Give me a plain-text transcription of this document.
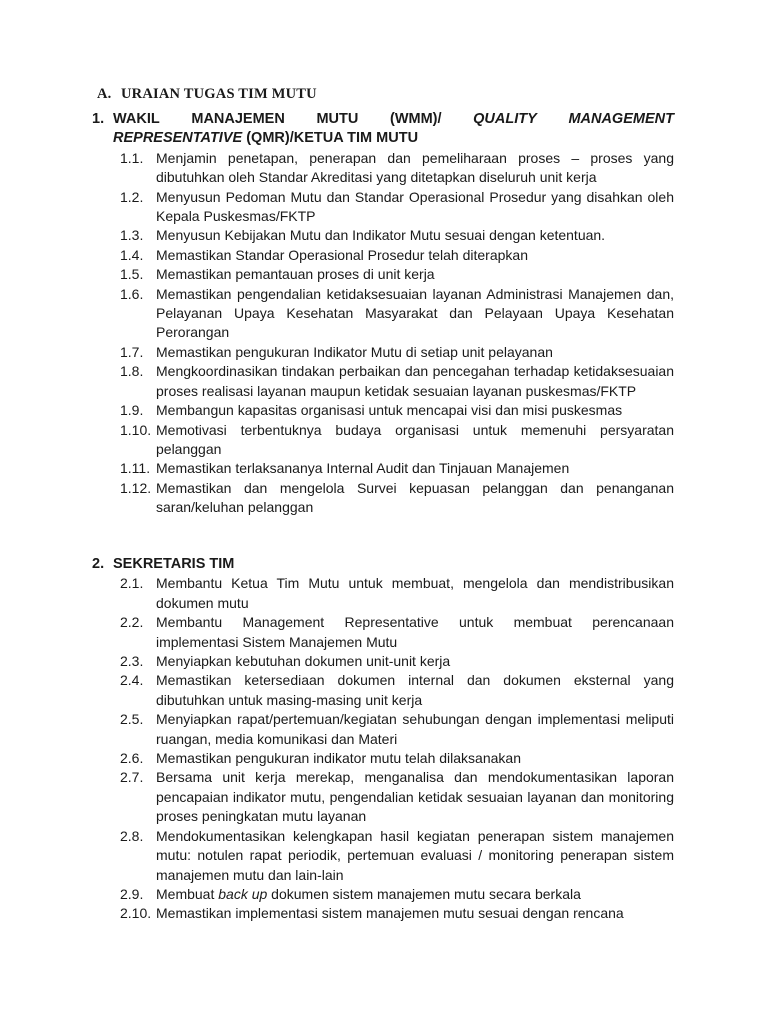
A. URAIAN TUGAS TIM MUTU
1. WAKIL MANAJEMEN MUTU (WMM)/ QUALITY MANAGEMENT
REPRESENTATIVE (QMR)/KETUA TIM MUTU
1.1. Menjamin penetapan, penerapan dan pemeliharaan proses – proses yang dibutuhkan oleh Standar Akreditasi yang ditetapkan diseluruh unit kerja
1.2. Menyusun Pedoman Mutu dan Standar Operasional Prosedur yang disahkan oleh Kepala Puskesmas/FKTP
1.3. Menyusun Kebijakan Mutu dan Indikator Mutu sesuai dengan ketentuan.
1.4. Memastikan Standar Operasional Prosedur telah diterapkan
1.5. Memastikan pemantauan proses di unit kerja
1.6. Memastikan pengendalian ketidaksesuaian layanan Administrasi Manajemen dan, Pelayanan Upaya Kesehatan Masyarakat dan Pelayaan Upaya Kesehatan Perorangan
1.7. Memastikan pengukuran Indikator Mutu di setiap unit pelayanan
1.8. Mengkoordinasikan tindakan perbaikan dan pencegahan terhadap ketidaksesuaian proses realisasi layanan maupun ketidak sesuaian layanan puskesmas/FKTP
1.9. Membangun kapasitas organisasi untuk mencapai visi dan misi puskesmas
1.10. Memotivasi terbentuknya budaya organisasi untuk memenuhi persyaratan pelanggan
1.11. Memastikan terlaksananya Internal Audit dan Tinjauan Manajemen
1.12. Memastikan dan mengelola Survei kepuasan pelanggan dan penanganan saran/keluhan pelanggan
2. SEKRETARIS TIM
2.1. Membantu Ketua Tim Mutu untuk membuat, mengelola dan mendistribusikan dokumen mutu
2.2. Membantu Management Representative untuk membuat perencanaan implementasi Sistem Manajemen Mutu
2.3. Menyiapkan kebutuhan dokumen unit-unit kerja
2.4. Memastikan ketersediaan dokumen internal dan dokumen eksternal yang dibutuhkan untuk masing-masing unit kerja
2.5. Menyiapkan rapat/pertemuan/kegiatan sehubungan dengan implementasi meliputi ruangan, media komunikasi dan Materi
2.6. Memastikan pengukuran indikator mutu telah dilaksanakan
2.7. Bersama unit kerja merekap, menganalisa dan mendokumentasikan laporan pencapaian indikator mutu, pengendalian ketidak sesuaian layanan dan monitoring proses peningkatan mutu layanan
2.8. Mendokumentasikan kelengkapan hasil kegiatan penerapan sistem manajemen mutu: notulen rapat periodik, pertemuan evaluasi / monitoring penerapan sistem manajemen mutu dan lain-lain
2.9. Membuat back up dokumen sistem manajemen mutu secara berkala
2.10. Memastikan implementasi sistem manajemen mutu sesuai dengan rencana
